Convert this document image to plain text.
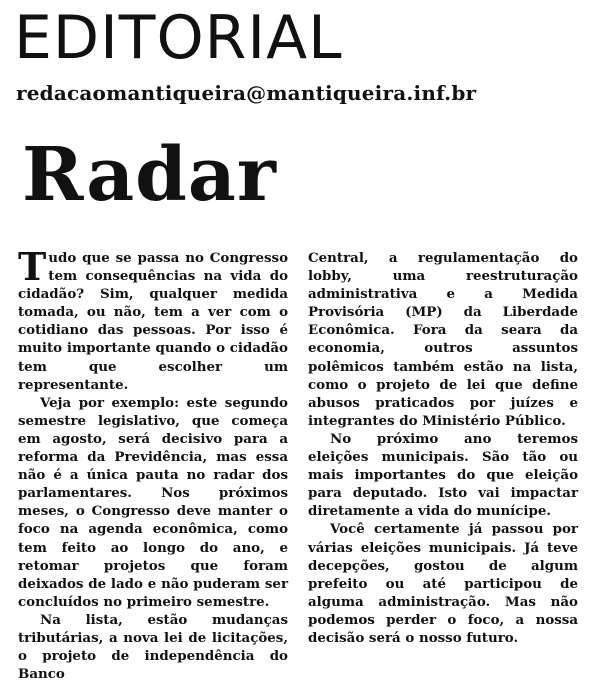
EDITORIAL
redacaomantiqueira@mantiqueira.inf.br
Radar

Tudo que se passa no Congresso tem consequências na vida do cidadão? Sim, qualquer medida tomada, ou não, tem a ver com o cotidiano das pessoas. Por isso é muito importante quando o cidadão tem que escolher um representante.

Veja por exemplo: este segundo semestre legislativo, que começa em agosto, será decisivo para a reforma da Previdência, mas essa não é a única pauta no radar dos parlamentares. Nos próximos meses, o Congresso deve manter o foco na agenda econômica, como tem feito ao longo do ano, e retomar projetos que foram deixados de lado e não puderam ser concluídos no primeiro semestre.

Na lista, estão mudanças tributárias, a nova lei de licitações, o projeto de independência do Banco

Central, a regulamentação do lobby, uma reestruturação administrativa e a Medida Provisória (MP) da Liberdade Econômica. Fora da seara da economia, outros assuntos polêmicos também estão na lista, como o projeto de lei que define abusos praticados por juízes e integrantes do Ministério Público.

No próximo ano teremos eleições municipais. São tão ou mais importantes do que eleição para deputado. Isto vai impactar diretamente a vida do munícipe.

Você certamente já passou por várias eleições municipais. Já teve decepções, gostou de algum prefeito ou até participou de alguma administração. Mas não podemos perder o foco, a nossa decisão será o nosso futuro.
